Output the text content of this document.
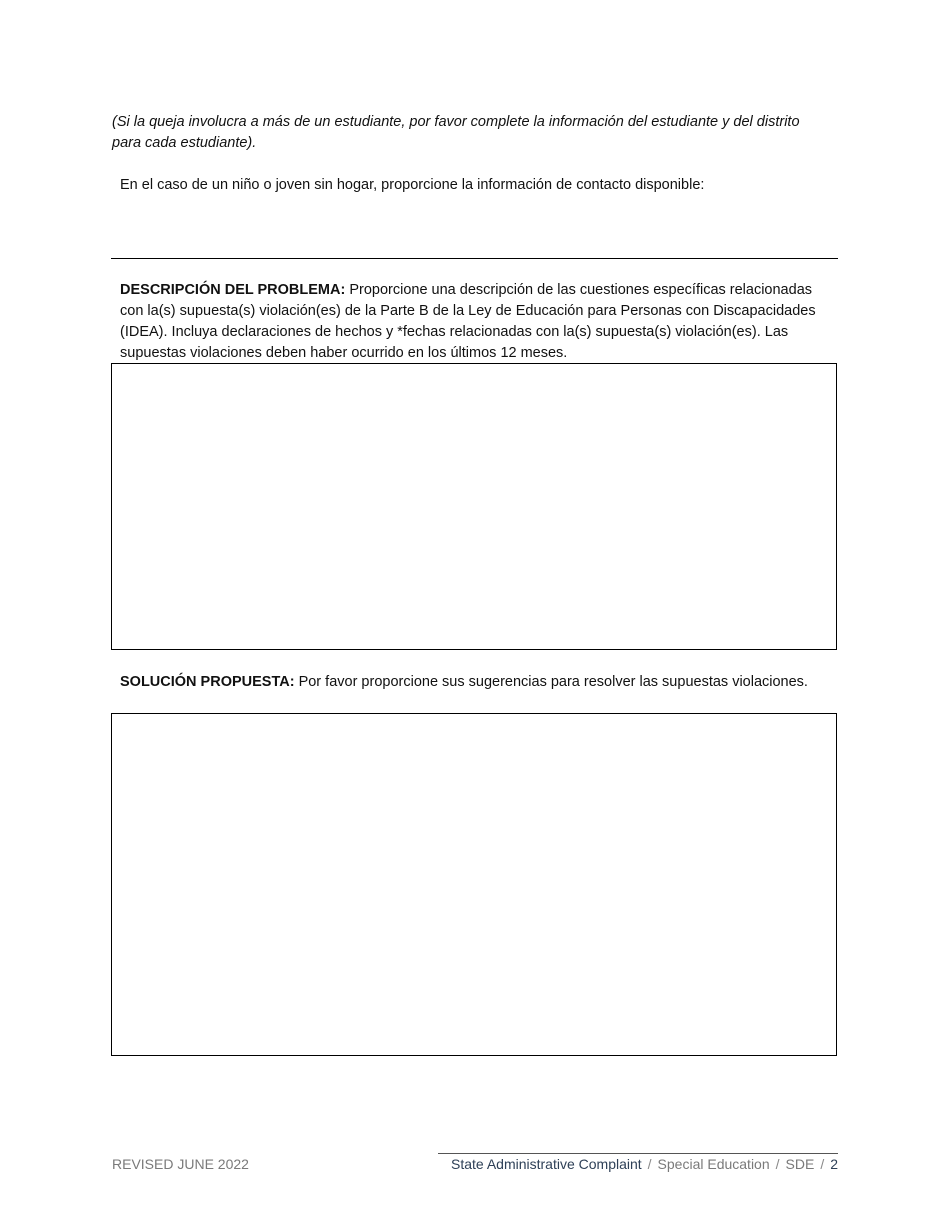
(Si la queja involucra a más de un estudiante, por favor complete la información del estudiante y del distrito para cada estudiante).
En el caso de un niño o joven sin hogar, proporcione la información de contacto disponible:
DESCRIPCIÓN DEL PROBLEMA: Proporcione una descripción de las cuestiones específicas relacionadas con la(s) supuesta(s) violación(es) de la Parte B de la Ley de Educación para Personas con Discapacidades (IDEA). Incluya declaraciones de hechos y *fechas relacionadas con la(s) supuesta(s) violación(es). Las supuestas violaciones deben haber ocurrido en los últimos 12 meses.
SOLUCIÓN PROPUESTA: Por favor proporcione sus sugerencias para resolver las supuestas violaciones.
REVISED JUNE 2022	State Administrative Complaint / Special Education / SDE / 2
